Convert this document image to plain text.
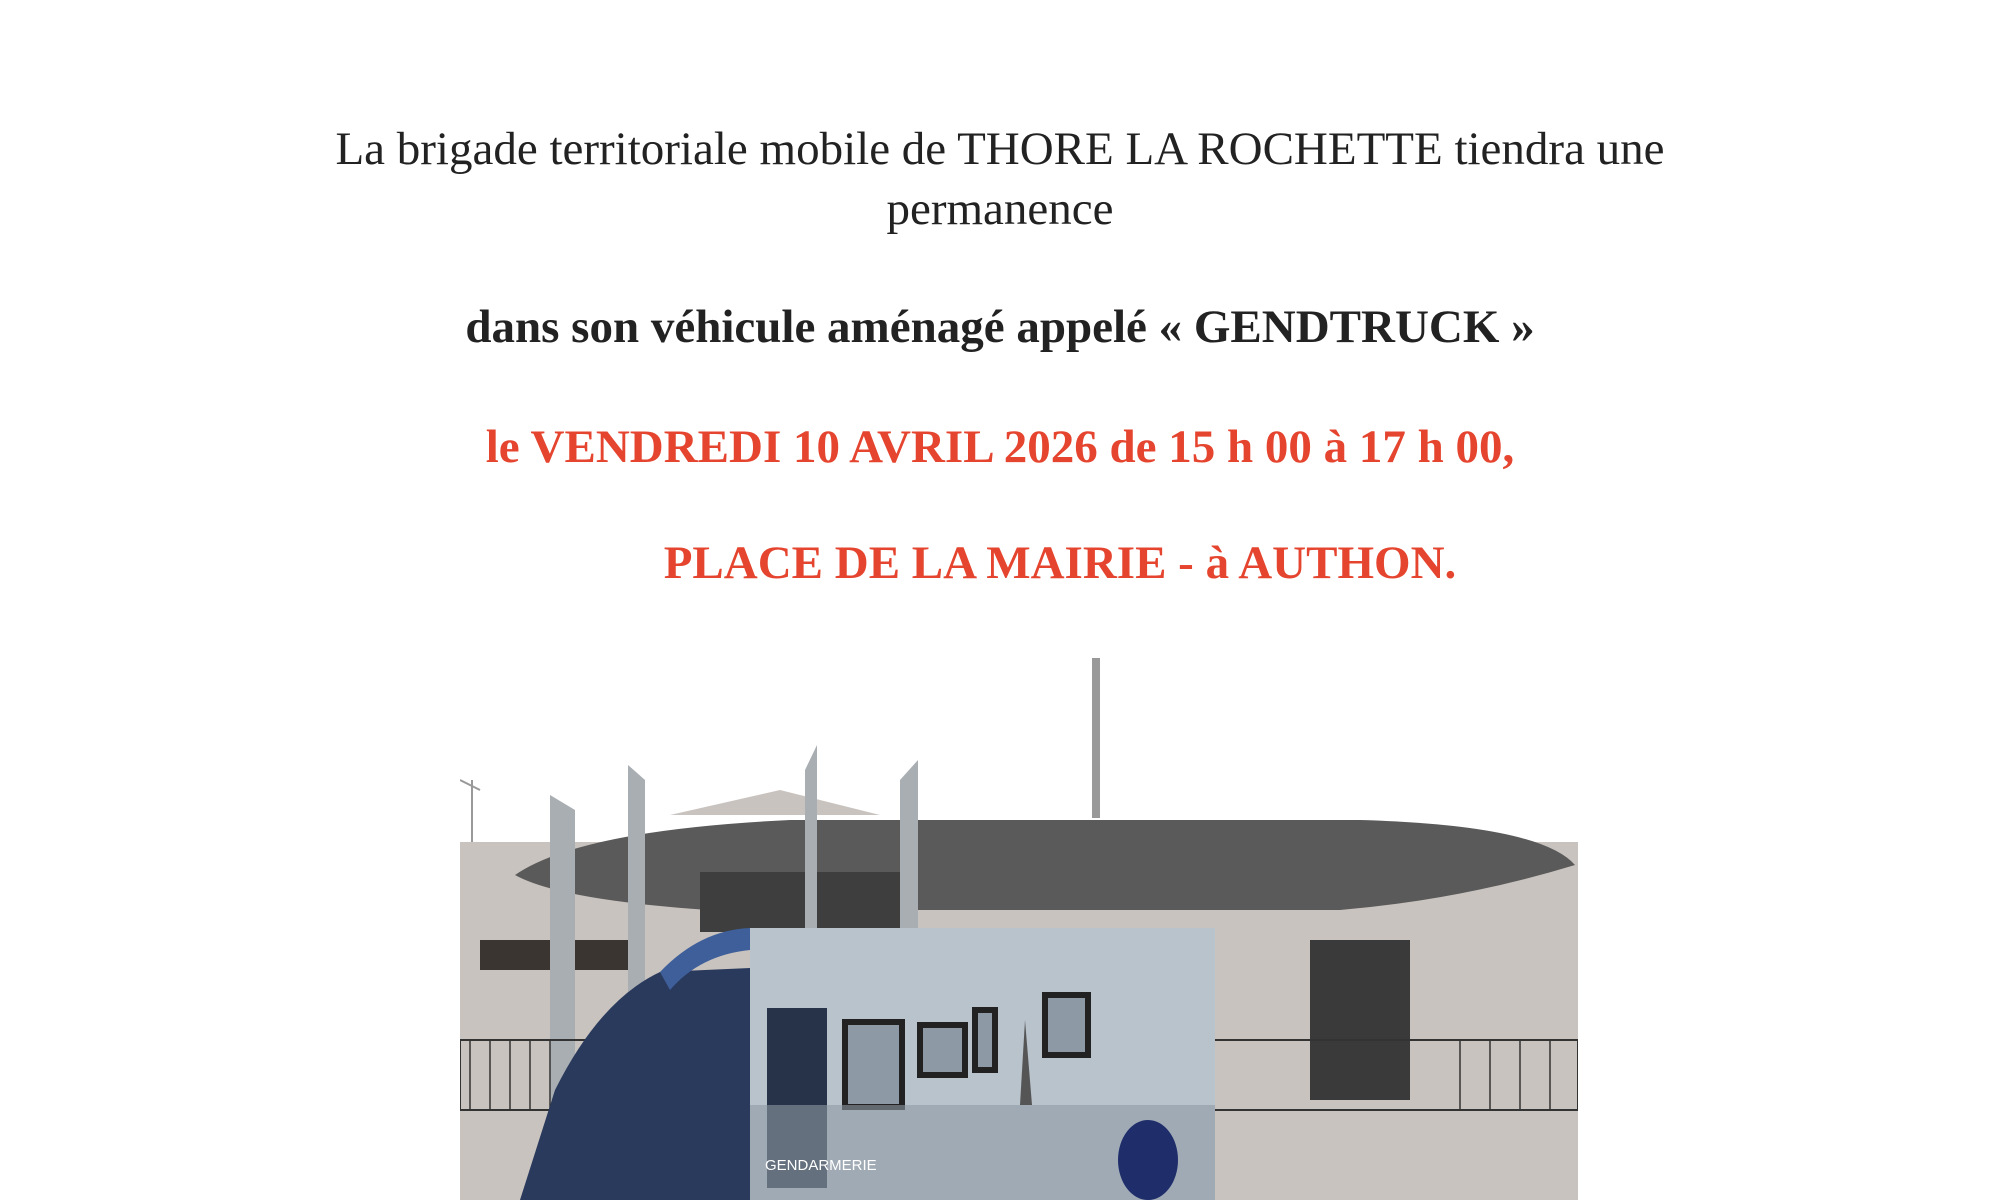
La brigade territoriale mobile de THORE LA ROCHETTE tiendra une
permanence
dans son véhicule aménagé appelé « GENDTRUCK »
le VENDREDI 10 AVRIL 2026 de 15 h 00 à 17 h 00,
PLACE DE LA MAIRIE - à AUTHON.
GENDARMERIE
